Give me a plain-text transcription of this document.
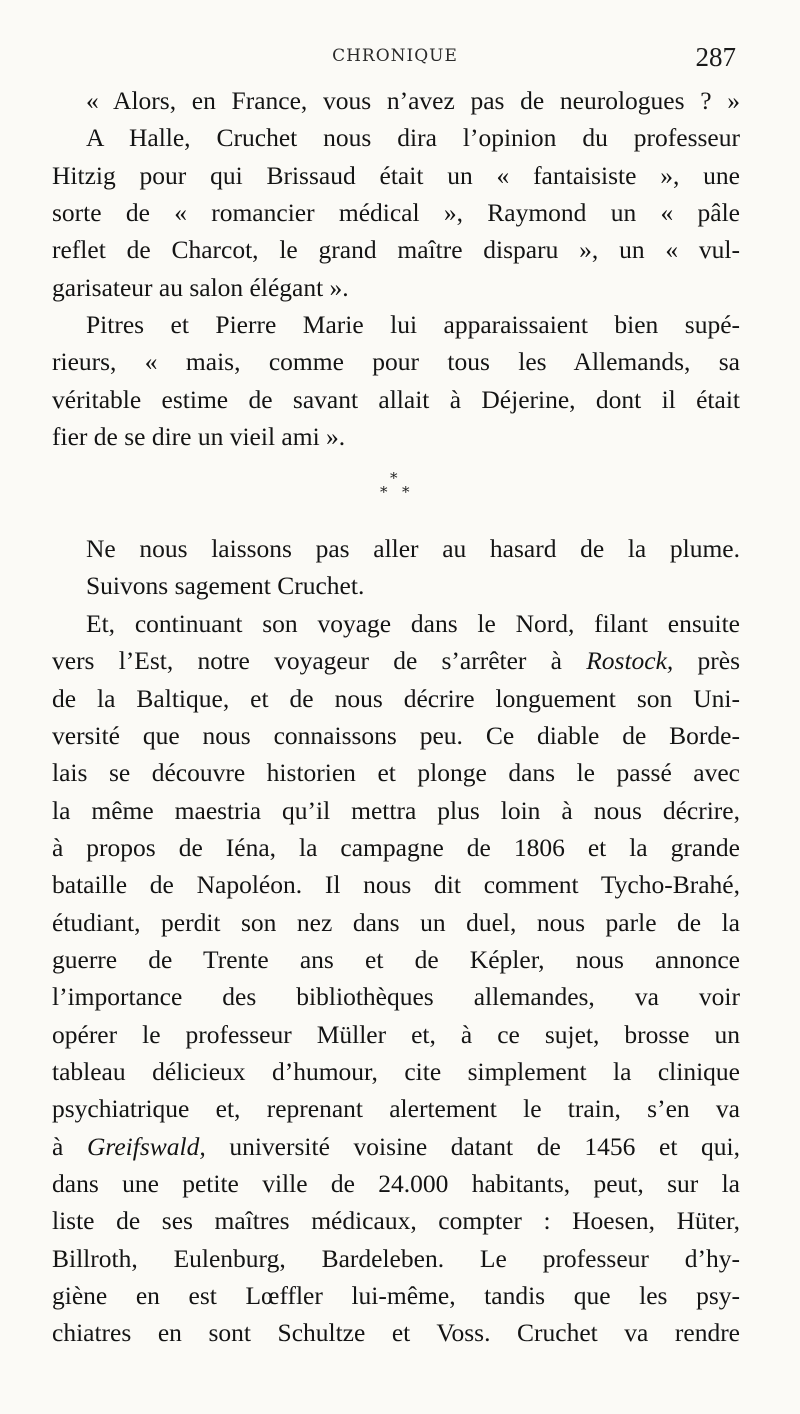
CHRONIQUE	287
« Alors, en France, vous n’avez pas de neurologues ? »
A Halle, Cruchet nous dira l’opinion du professeur
Hitzig pour qui Brissaud était un « fantaisiste », une
sorte de « romancier médical », Raymond un « pâle
reflet de Charcot, le grand maître disparu », un « vul-
garisateur au salon élégant ».
Pitres et Pierre Marie lui apparaissaient bien supé-
rieurs, « mais, comme pour tous les Allemands, sa
véritable estime de savant allait à Déjerine, dont il était
fier de se dire un vieil ami ».
*
* *
Ne nous laissons pas aller au hasard de la plume.
Suivons sagement Cruchet.
Et, continuant son voyage dans le Nord, filant ensuite
vers l’Est, notre voyageur de s’arrêter à Rostock, près
de la Baltique, et de nous décrire longuement son Uni-
versité que nous connaissons peu. Ce diable de Borde-
lais se découvre historien et plonge dans le passé avec
la même maestria qu’il mettra plus loin à nous décrire,
à propos de Iéna, la campagne de 1806 et la grande
bataille de Napoléon. Il nous dit comment Tycho-Brahé,
étudiant, perdit son nez dans un duel, nous parle de la
guerre de Trente ans et de Képler, nous annonce
l’importance des bibliothèques allemandes, va voir
opérer le professeur Müller et, à ce sujet, brosse un
tableau délicieux d’humour, cite simplement la clinique
psychiatrique et, reprenant alertement le train, s’en va
à Greifswald, université voisine datant de 1456 et qui,
dans une petite ville de 24.000 habitants, peut, sur la
liste de ses maîtres médicaux, compter : Hoesen, Hüter,
Billroth, Eulenburg, Bardeleben. Le professeur d’hy-
giène en est Lœffler lui-même, tandis que les psy-
chiatres en sont Schultze et Voss. Cruchet va rendre
